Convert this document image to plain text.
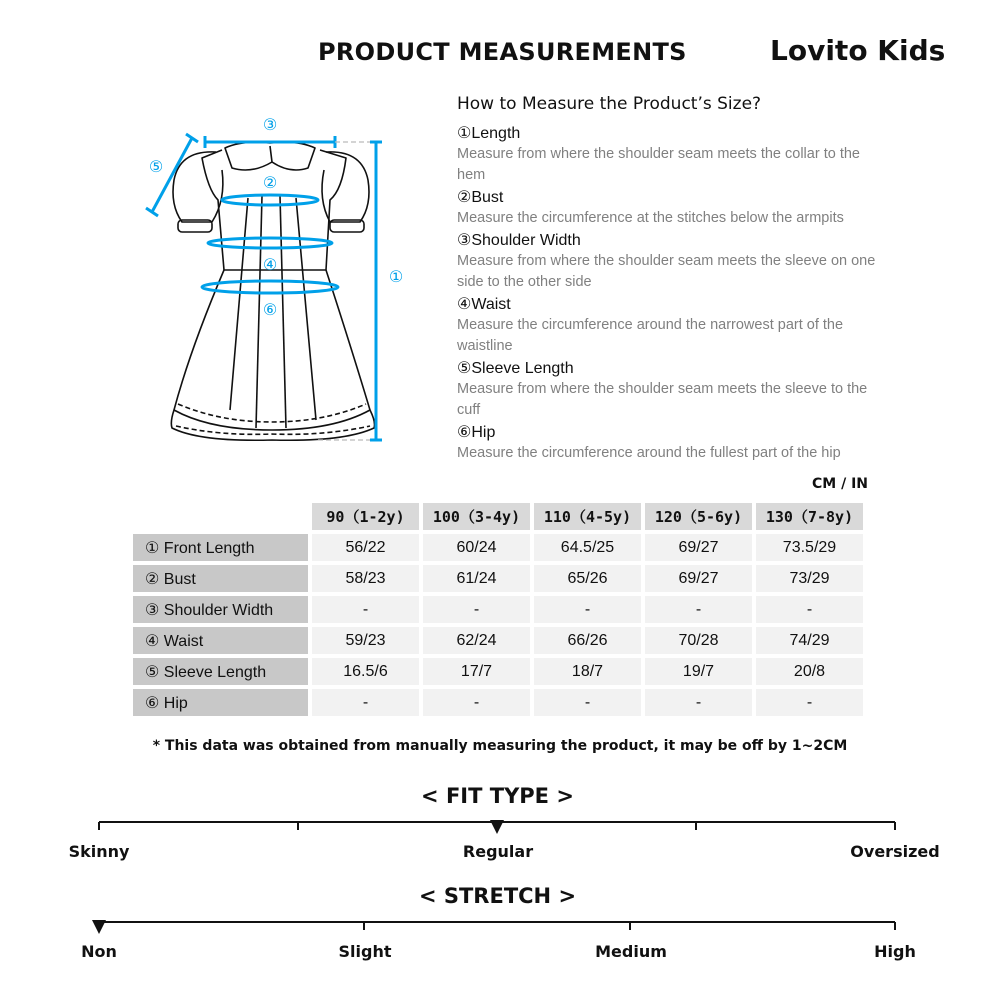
PRODUCT MEASUREMENTS	Lovito Kids
③
②
④
⑥
①
⑤
How to Measure the Product’s Size?
①Length
Measure from where the shoulder seam meets the collar to the hem
②Bust
Measure the circumference at the stitches below the armpits
③Shoulder Width
Measure from where the shoulder seam meets the sleeve on one side to the other side
④Waist
Measure the circumference around the narrowest part of the waistline
⑤Sleeve Length
Measure from where the shoulder seam meets the sleeve to the cuff
⑥Hip
Measure the circumference around the fullest part of the hip
CM / IN
	90（1-2y)	100（3-4y)	110（4-5y)	120（5-6y)	130（7-8y)
① Front Length	56/22	60/24	64.5/25	69/27	73.5/29
② Bust	58/23	61/24	65/26	69/27	73/29
③ Shoulder Width	-	-	-	-	-
④ Waist	59/23	62/24	66/26	70/28	74/29
⑤ Sleeve Length	16.5/6	17/7	18/7	19/7	20/8
⑥ Hip	-	-	-	-	-
* This data was obtained from manually measuring the product, it may be off by 1~2CM
< FIT TYPE >
Skinny	Regular	Oversized
< STRETCH >
Non	Slight	Medium	High
